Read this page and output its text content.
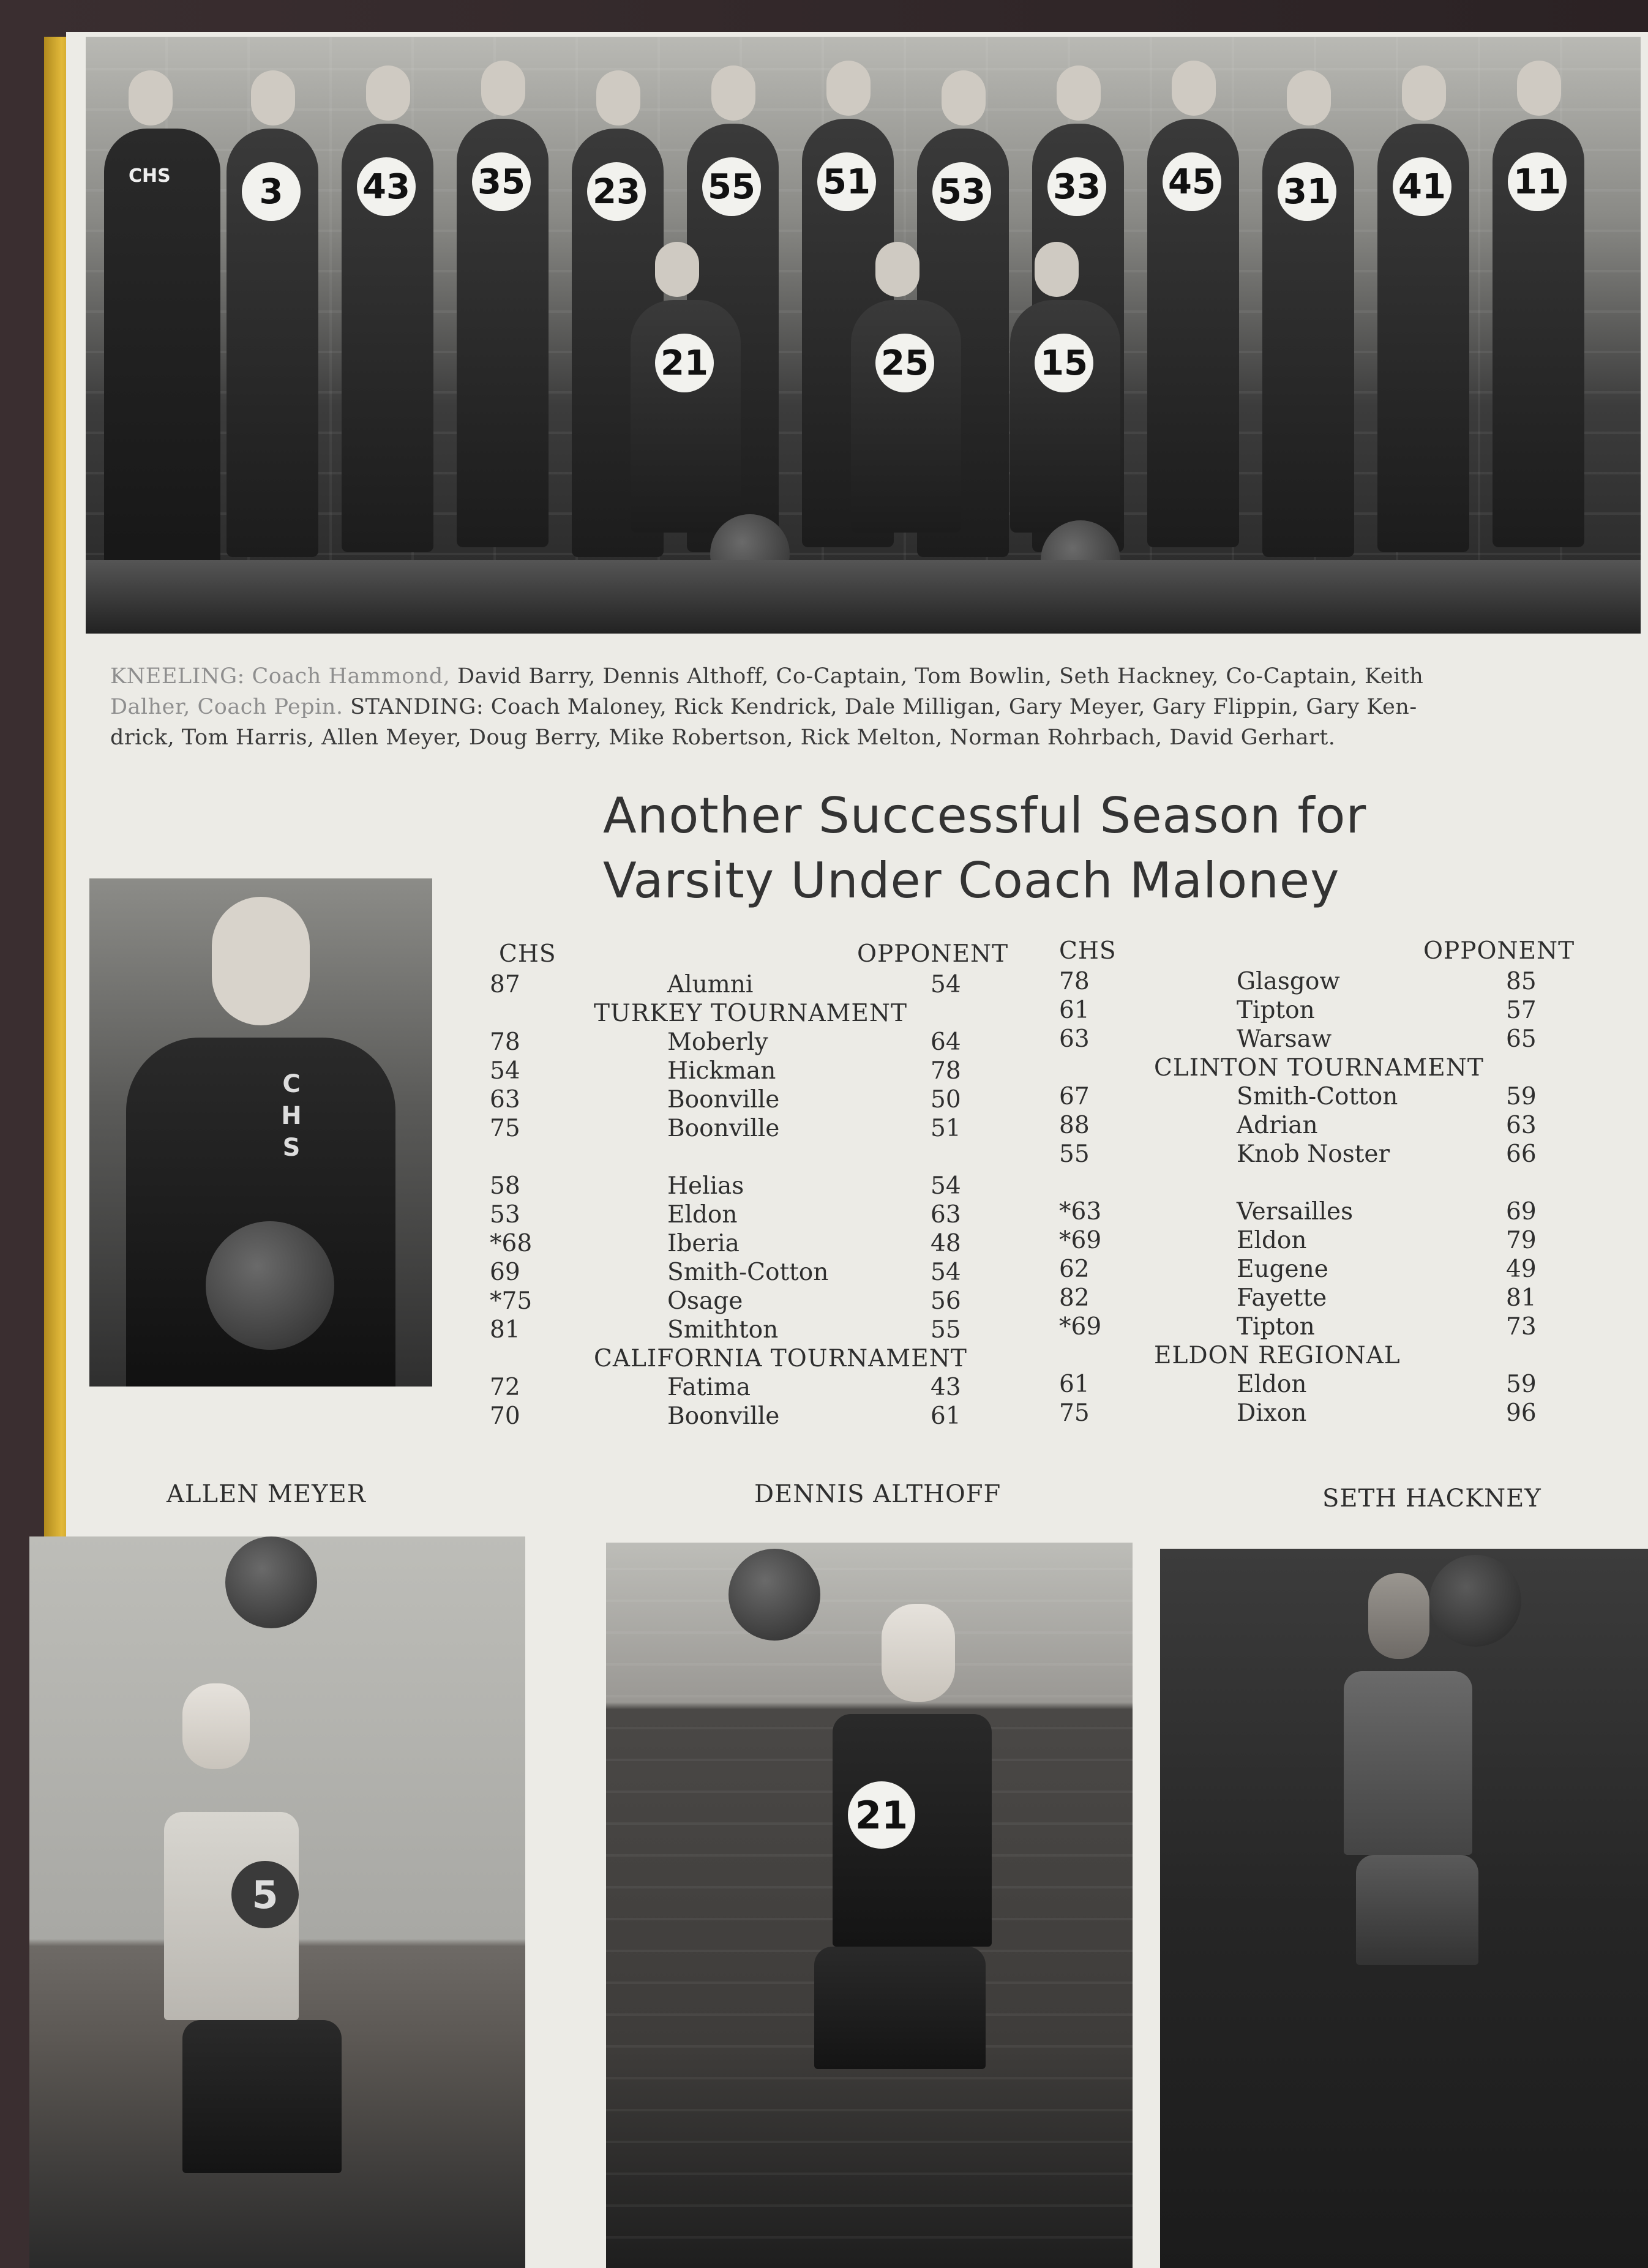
CHS	3	43 35 23 55 51 53 33 45 31 41 11
21	25	15
KNEELING: Coach Hammond, David Barry, Dennis Althoff, Co-Captain, Tom Bowlin, Seth Hackney, Co-Captain, Keith
Dalher, Coach Pepin. STANDING: Coach Maloney, Rick Kendrick, Dale Milligan, Gary Meyer, Gary Flippin, Gary Ken-
drick, Tom Harris, Allen Meyer, Doug Berry, Mike Robertson, Rick Melton, Norman Rohrbach, David Gerhart.
Another Successful Season for
Varsity Under Coach Maloney
C
H
S
CHS	OPPONENT
87	Alumni	54
TURKEY TOURNAMENT
78	Moberly	64
54	Hickman	78
63	Boonville	50
75	Boonville	51
58	Helias	54
53	Eldon	63
*68	Iberia	48
69	Smith-Cotton	54
*75	Osage	56
81	Smithton	55
CALIFORNIA TOURNAMENT
72	Fatima	43
70	Boonville	61
CHS	OPPONENT
78	Glasgow	85
61	Tipton	57
63	Warsaw	65
CLINTON TOURNAMENT
67	Smith-Cotton	59
88	Adrian	63
55	Knob Noster	66
*63	Versailles	69
*69	Eldon	79
62	Eugene	49
82	Fayette	81
*69	Tipton	73
ELDON REGIONAL
61	Eldon	59
75	Dixon	96
ALLEN MEYER	DENNIS ALTHOFF	SETH HACKNEY
5
21
